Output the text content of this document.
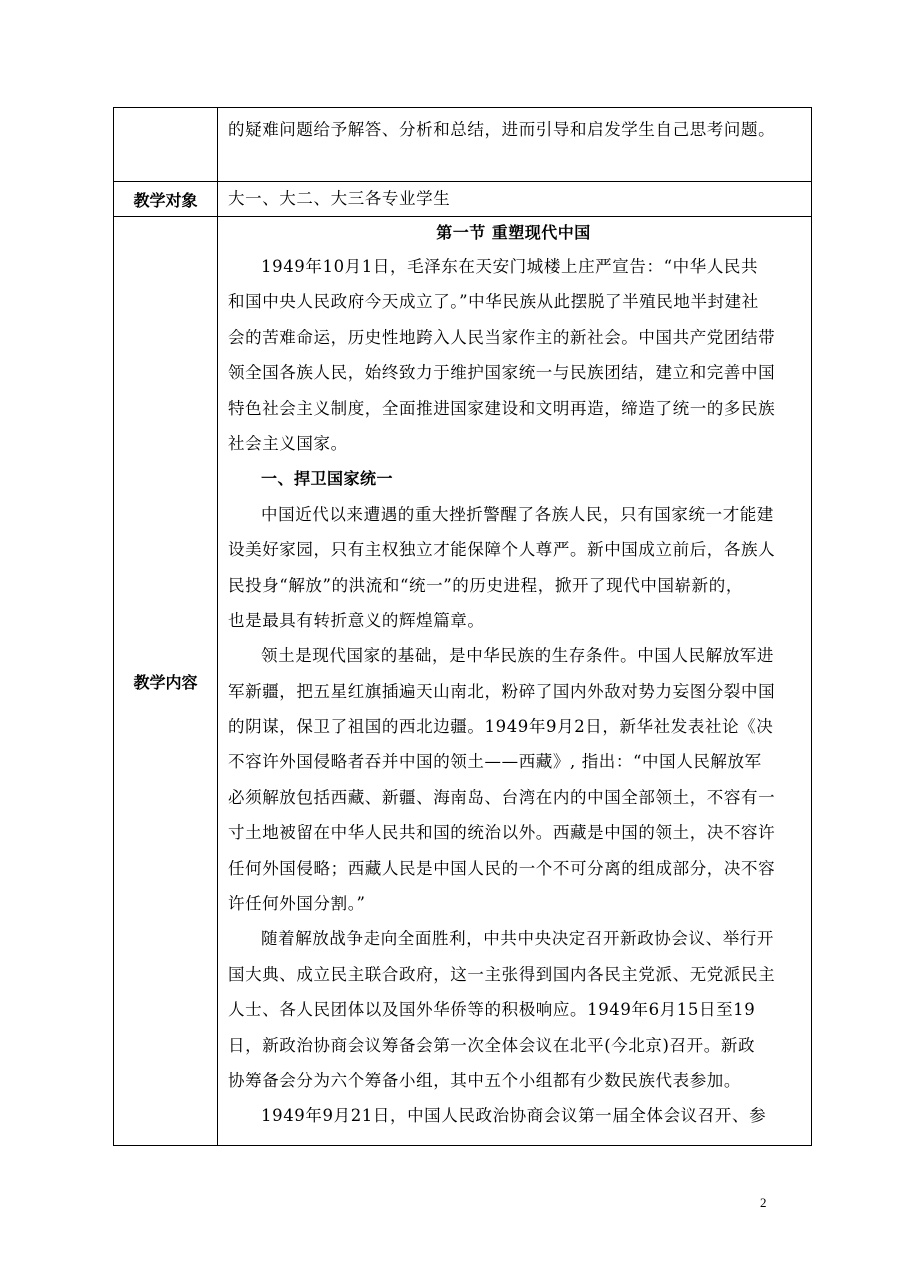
的疑难问题给予解答、分析和总结，进而引导和启发学生自己思考问题。
教学对象	大一、大二、大三各专业学生
教学内容
第一节 重塑现代中国
1949年10月1日，毛泽东在天安门城楼上庄严宣告：“中华人民共
和国中央人民政府今天成立了。”中华民族从此摆脱了半殖民地半封建社
会的苦难命运，历史性地跨入人民当家作主的新社会。中国共产党团结带
领全国各族人民，始终致力于维护国家统一与民族团结，建立和完善中国
特色社会主义制度，全面推进国家建设和文明再造，缔造了统一的多民族
社会主义国家。
一、捍卫国家统一
中国近代以来遭遇的重大挫折警醒了各族人民，只有国家统一才能建
设美好家园，只有主权独立才能保障个人尊严。新中国成立前后，各族人
民投身“解放”的洪流和“统一”的历史进程，掀开了现代中国崭新的，
也是最具有转折意义的辉煌篇章。
领土是现代国家的基础，是中华民族的生存条件。中国人民解放军进
军新疆，把五星红旗插遍天山南北，粉碎了国内外敌对势力妄图分裂中国
的阴谋，保卫了祖国的西北边疆。1949年9月2日，新华社发表社论《决
不容许外国侵略者吞并中国的领土——西藏》, 指出：“中国人民解放军
必须解放包括西藏、新疆、海南岛、台湾在内的中国全部领土，不容有一
寸土地被留在中华人民共和国的统治以外。西藏是中国的领土，决不容许
任何外国侵略；西藏人民是中国人民的一个不可分离的组成部分，决不容
许任何外国分割。”
随着解放战争走向全面胜利，中共中央决定召开新政协会议、举行开
国大典、成立民主联合政府，这一主张得到国内各民主党派、无党派民主
人士、各人民团体以及国外华侨等的积极响应。1949年6月15日至19
日，新政治协商会议筹备会第一次全体会议在北平(今北京)召开。新政
协筹备会分为六个筹备小组，其中五个小组都有少数民族代表参加。
1949年9月21日，中国人民政治协商会议第一届全体会议召开、参
2
